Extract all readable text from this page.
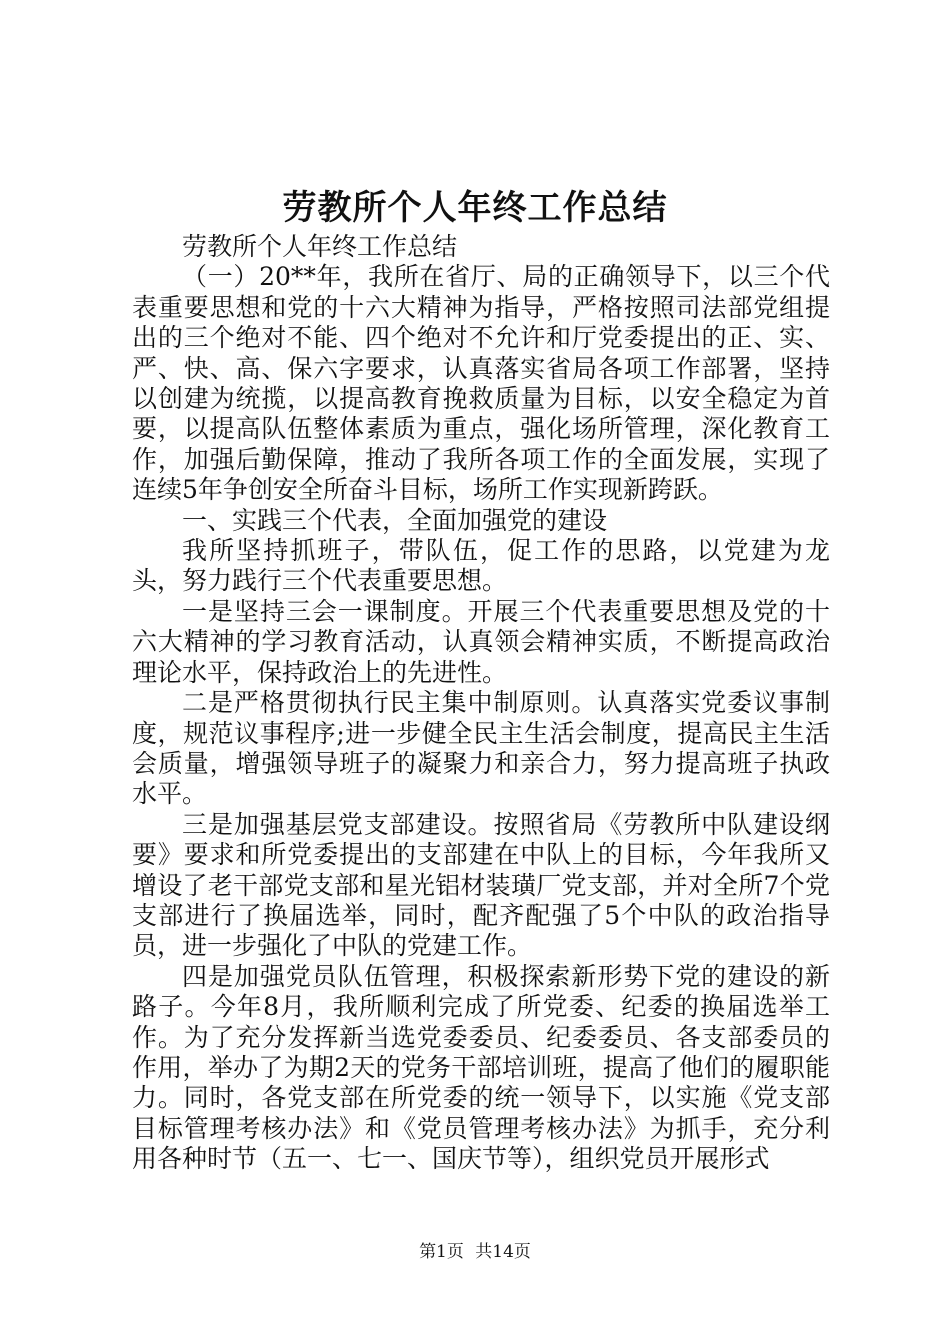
劳教所个人年终工作总结

劳教所个人年终工作总结

（一）20**年，我所在省厅、局的正确领导下，以三个代表重要思想和党的十六大精神为指导，严格按照司法部党组提出的三个绝对不能、四个绝对不允许和厅党委提出的正、实、严、快、高、保六字要求，认真落实省局各项工作部署，坚持以创建为统揽，以提高教育挽救质量为目标，以安全稳定为首要，以提高队伍整体素质为重点，强化场所管理，深化教育工作，加强后勤保障，推动了我所各项工作的全面发展，实现了连续5年争创安全所奋斗目标，场所工作实现新跨跃。

一、实践三个代表，全面加强党的建设

我所坚持抓班子，带队伍，促工作的思路，以党建为龙头，努力践行三个代表重要思想。

一是坚持三会一课制度。开展三个代表重要思想及党的十六大精神的学习教育活动，认真领会精神实质，不断提高政治理论水平，保持政治上的先进性。

二是严格贯彻执行民主集中制原则。认真落实党委议事制度，规范议事程序;进一步健全民主生活会制度，提高民主生活会质量，增强领导班子的凝聚力和亲合力，努力提高班子执政水平。

三是加强基层党支部建设。按照省局《劳教所中队建设纲要》要求和所党委提出的支部建在中队上的目标，今年我所又增设了老干部党支部和星光铝材装璜厂党支部，并对全所7个党支部进行了换届选举，同时，配齐配强了5个中队的政治指导员，进一步强化了中队的党建工作。

四是加强党员队伍管理，积极探索新形势下党的建设的新路子。今年8月，我所顺利完成了所党委、纪委的换届选举工作。为了充分发挥新当选党委委员、纪委委员、各支部委员的作用，举办了为期2天的党务干部培训班，提高了他们的履职能力。同时，各党支部在所党委的统一领导下，以实施《党支部目标管理考核办法》和《党员管理考核办法》为抓手，充分利用各种时节（五一、七一、国庆节等），组织党员开展形式

第1页 共14页
